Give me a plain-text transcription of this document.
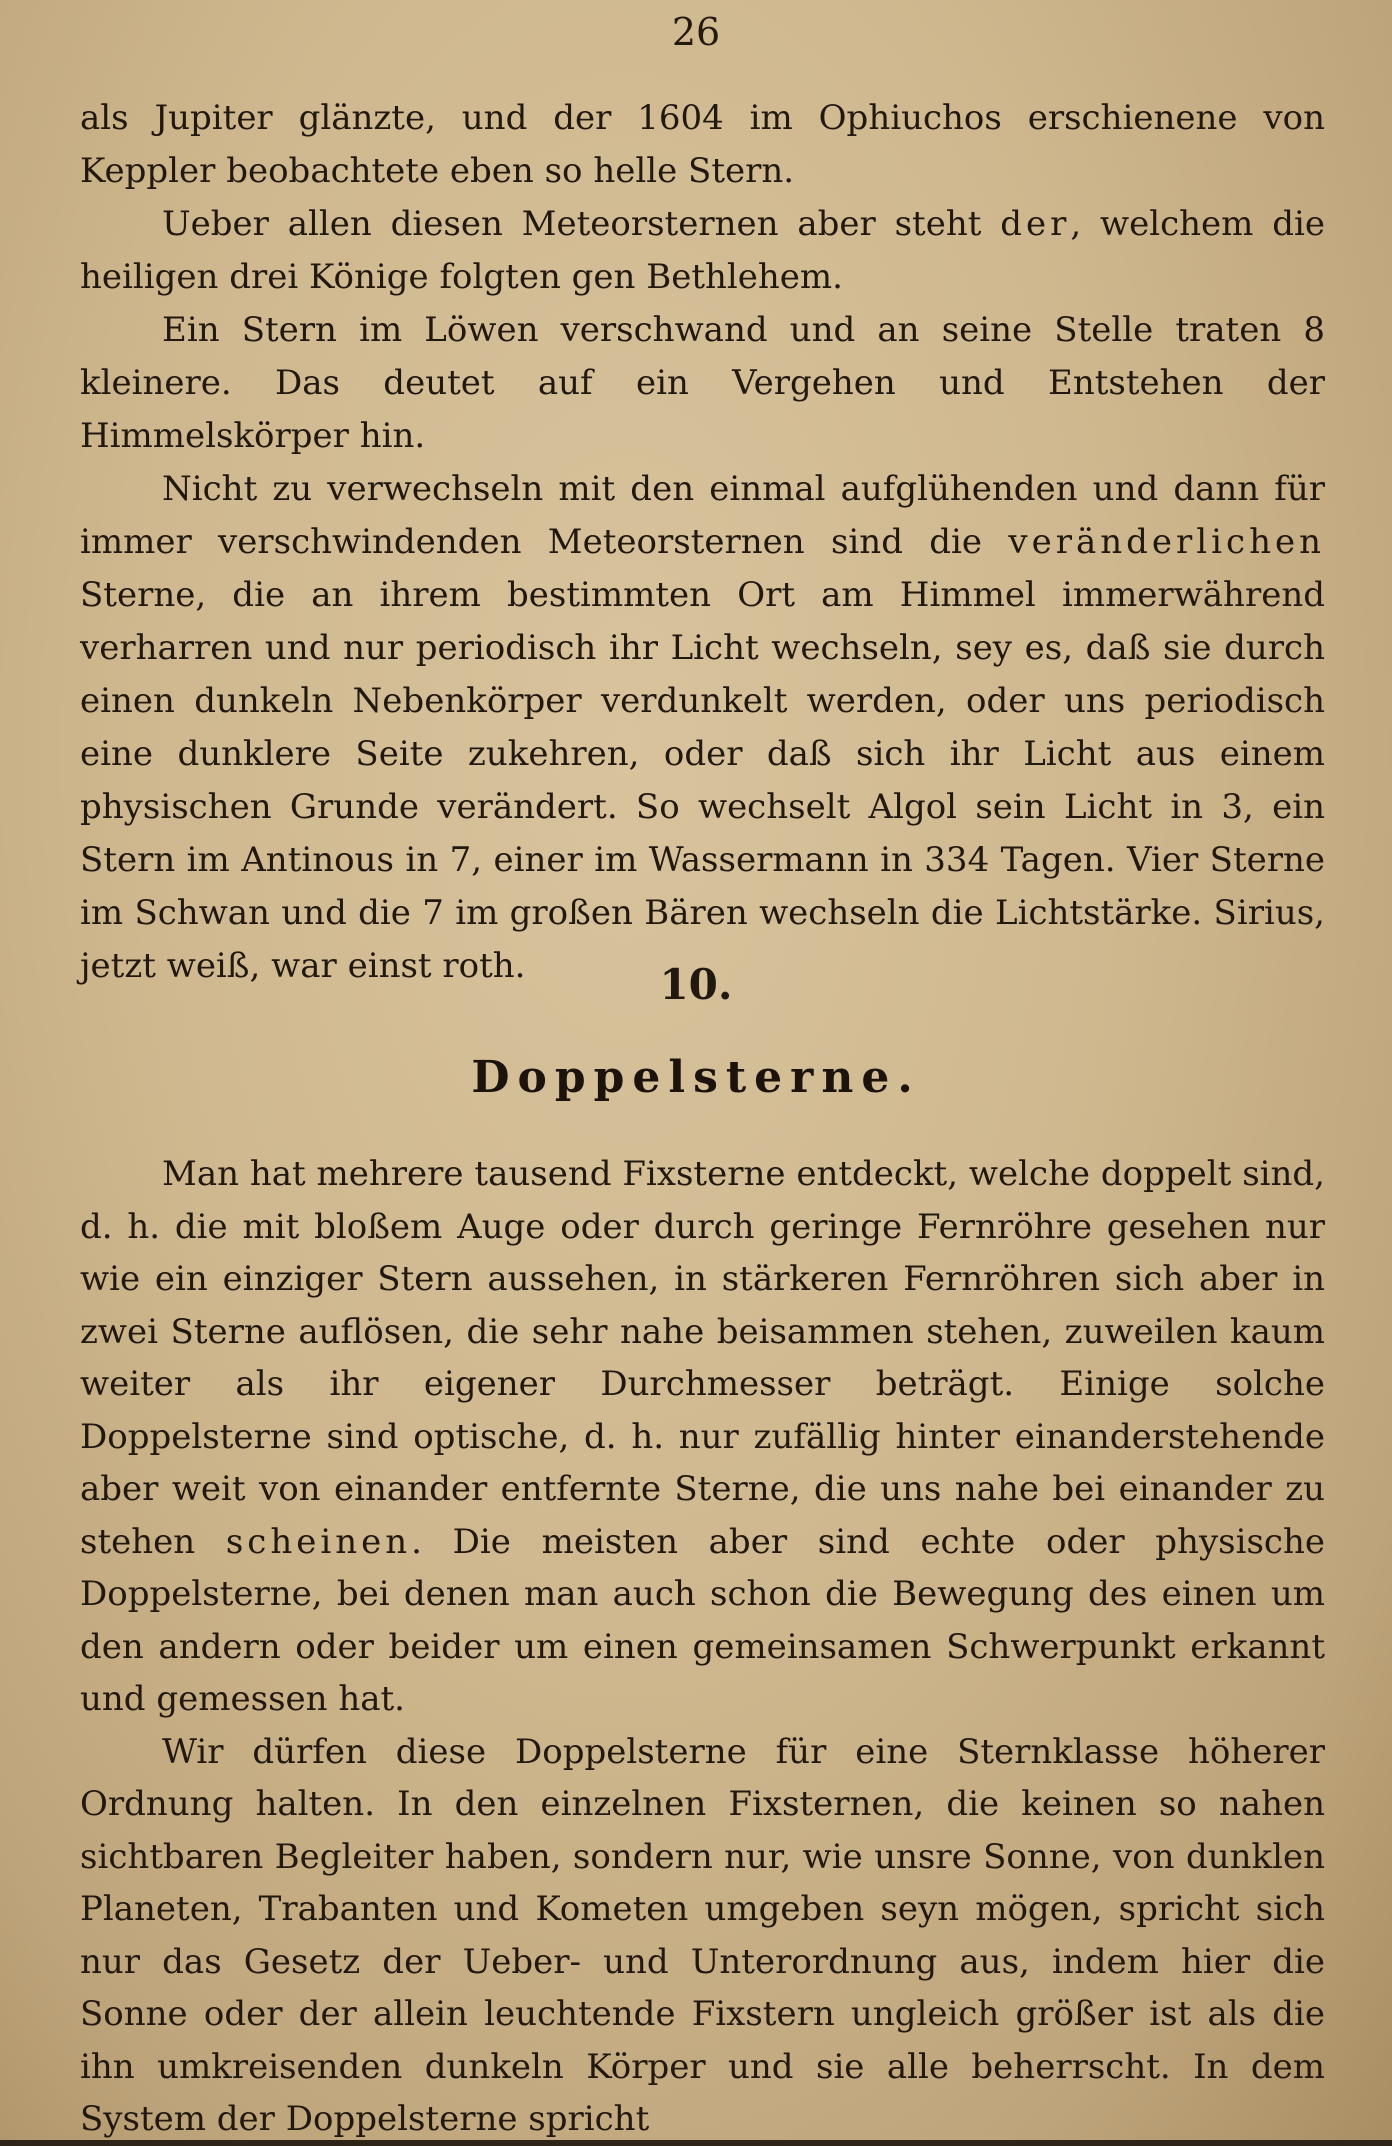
26

als Jupiter glänzte, und der 1604 im Ophiuchos erschienene von Keppler beobachtete eben so helle Stern.

Ueber allen diesen Meteorsternen aber steht der, welchem die heiligen drei Könige folgten gen Bethlehem.

Ein Stern im Löwen verschwand und an seine Stelle traten 8 kleinere. Das deutet auf ein Vergehen und Entstehen der Himmelskörper hin.

Nicht zu verwechseln mit den einmal aufglühenden und dann für immer verschwindenden Meteorsternen sind die veränderlichen Sterne, die an ihrem bestimmten Ort am Himmel immerwährend verharren und nur periodisch ihr Licht wechseln, sey es, daß sie durch einen dunkeln Nebenkörper verdunkelt werden, oder uns periodisch eine dunklere Seite zukehren, oder daß sich ihr Licht aus einem physischen Grunde verändert. So wechselt Algol sein Licht in 3, ein Stern im Antinous in 7, einer im Wassermann in 334 Tagen. Vier Sterne im Schwan und die 7 im großen Bären wechseln die Lichtstärke. Sirius, jetzt weiß, war einst roth.	10.
Doppelsterne.

Man hat mehrere tausend Fixsterne entdeckt, welche doppelt sind, d. h. die mit bloßem Auge oder durch geringe Fernröhre gesehen nur wie ein einziger Stern aussehen, in stärkeren Fernröhren sich aber in zwei Sterne auflösen, die sehr nahe beisammen stehen, zuweilen kaum weiter als ihr eigener Durchmesser beträgt. Einige solche Doppelsterne sind optische, d. h. nur zufällig hinter einanderstehende aber weit von einander entfernte Sterne, die uns nahe bei einander zu stehen scheinen. Die meisten aber sind echte oder physische Doppelsterne, bei denen man auch schon die Bewegung des einen um den andern oder beider um einen gemeinsamen Schwerpunkt erkannt und gemessen hat.

Wir dürfen diese Doppelsterne für eine Sternklasse höherer Ordnung halten. In den einzelnen Fixsternen, die keinen so nahen sichtbaren Begleiter haben, sondern nur, wie unsre Sonne, von dunklen Planeten, Trabanten und Kometen umgeben seyn mögen, spricht sich nur das Gesetz der Ueber- und Unterordnung aus, indem hier die Sonne oder der allein leuchtende Fixstern ungleich größer ist als die ihn umkreisenden dunkeln Körper und sie alle beherrscht. In dem System der Doppelsterne spricht
